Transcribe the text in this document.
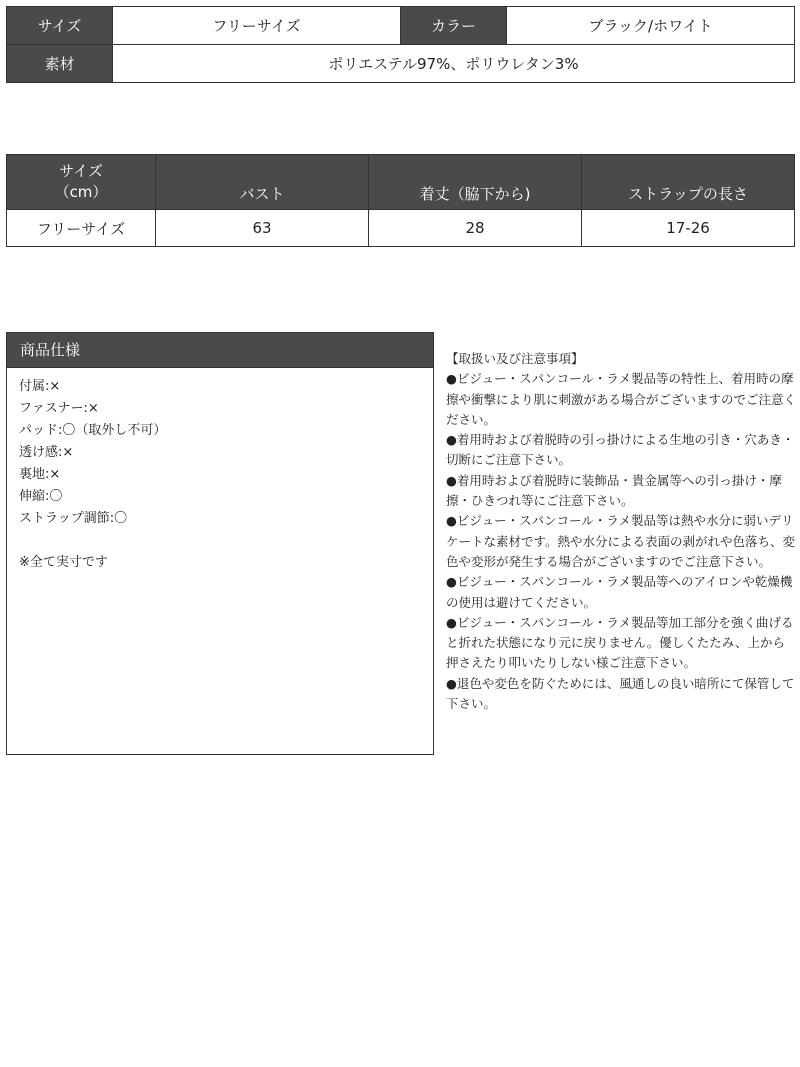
サイズ	フリーサイズ	カラー	ブラック/ホワイト
素材	ポリエステル97%、ポリウレタン3%		
サイズ
（cm）	バスト	着丈（脇下から)	ストラップの長さ
フリーサイズ	63	28	17-26
商品仕様
付属:×
ファスナー:×
パッド:〇（取外し不可）
透け感:×
裏地:×
伸縮:〇
ストラップ調節:〇
※全て実寸です
【取扱い及び注意事項】

●ビジュー・スパンコール・ラメ製品等の特性上、着用時の摩擦や衝撃により肌に刺激がある場合がございますのでご注意ください。

●着用時および着脱時の引っ掛けによる生地の引き・穴あき・切断にご注意下さい。

●着用時および着脱時に装飾品・貴金属等への引っ掛け・摩擦・ひきつれ等にご注意下さい。

●ビジュー・スパンコール・ラメ製品等は熱や水分に弱いデリケートな素材です。熱や水分による表面の剥がれや色落ち、変色や変形が発生する場合がございますのでご注意下さい。

●ビジュー・スパンコール・ラメ製品等へのアイロンや乾燥機の使用は避けてください。

●ビジュー・スパンコール・ラメ製品等加工部分を強く曲げると折れた状態になり元に戻りません。優しくたたみ、上から押さえたり叩いたりしない様ご注意下さい。

●退色や変色を防ぐためには、風通しの良い暗所にて保管して下さい。
